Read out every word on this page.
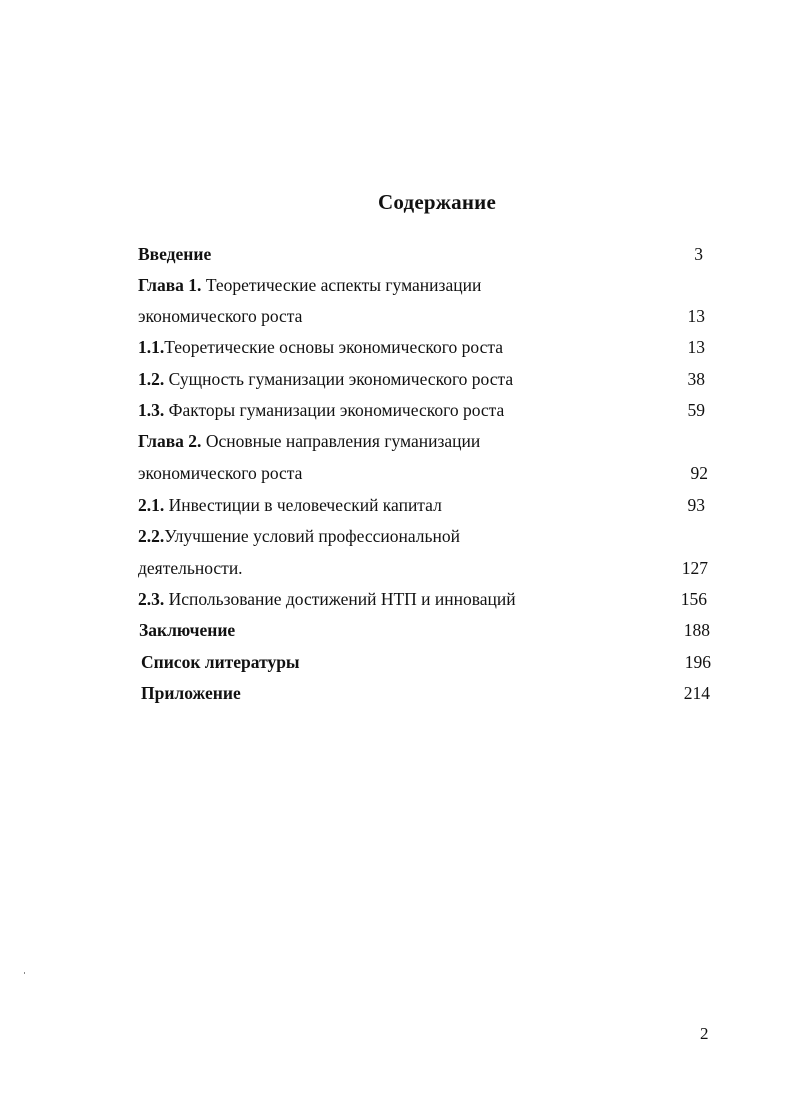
Содержание
Введение	3
Глава 1. Теоретические аспекты гуманизации
экономического роста	13
1.1.Теоретические основы экономического роста	13
1.2. Сущность гуманизации экономического роста	38
1.3. Факторы гуманизации экономического роста	59
Глава 2. Основные направления гуманизации
экономического роста	92
2.1. Инвестиции в человеческий капитал	93
2.2.Улучшение условий профессиональной
деятельности.	127
2.3. Использование достижений НТП и инноваций	156
Заключение	188
Список литературы	196
Приложение	214
2
